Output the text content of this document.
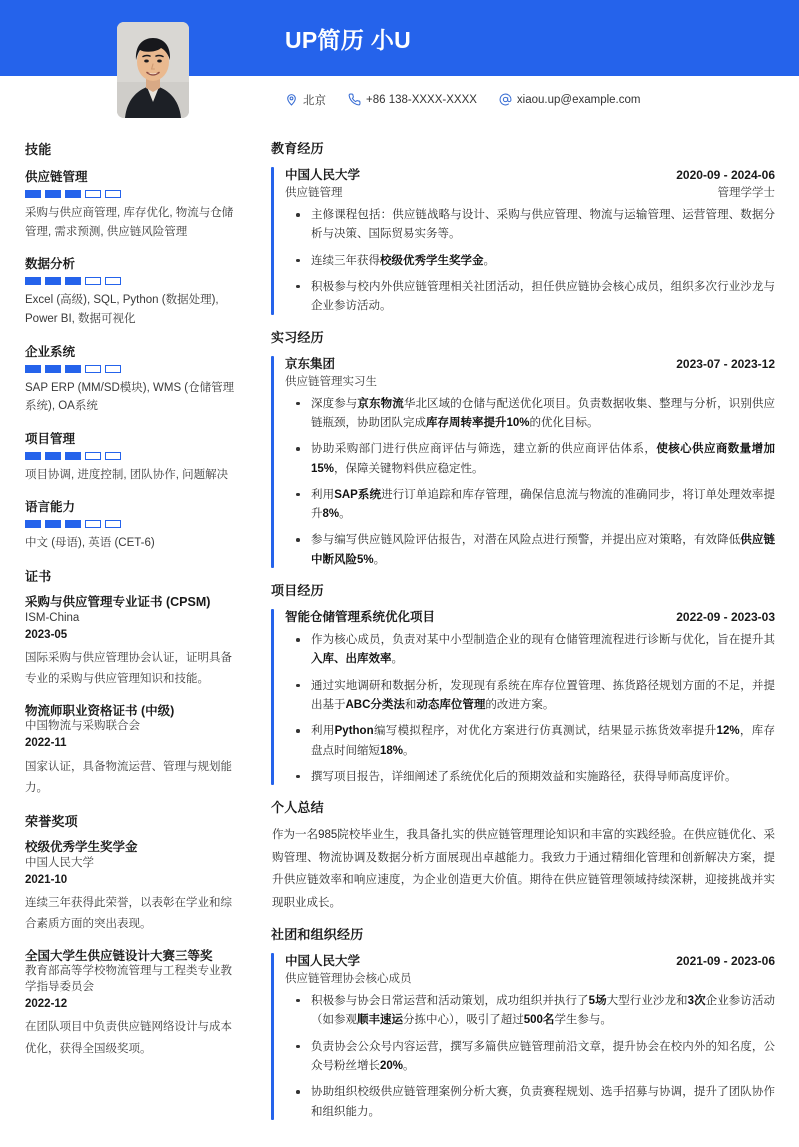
UP简历 小U
北京	+86 138-XXXX-XXXX	xiaou.up@example.com
技能
供应链管理
采购与供应商管理, 库存优化, 物流与仓储管理, 需求预测, 供应链风险管理
数据分析
Excel (高级), SQL, Python (数据处理), Power BI, 数据可视化
企业系统
SAP ERP (MM/SD模块), WMS (仓储管理系统), OA系统
项目管理
项目协调, 进度控制, 团队协作, 问题解决
语言能力
中文 (母语), 英语 (CET-6)
证书
采购与供应管理专业证书 (CPSM)
ISM-China
2023-05
国际采购与供应管理协会认证，证明具备专业的采购与供应管理知识和技能。
物流师职业资格证书 (中级)
中国物流与采购联合会
2022-11
国家认证，具备物流运营、管理与规划能力。
荣誉奖项
校级优秀学生奖学金
中国人民大学
2021-10
连续三年获得此荣誉，以表彰在学业和综合素质方面的突出表现。
全国大学生供应链设计大赛三等奖
教育部高等学校物流管理与工程类专业教学指导委员会
2022-12
在团队项目中负责供应链网络设计与成本优化，获得全国级奖项。
教育经历
中国人民大学	2020-09 - 2024-06
供应链管理	管理学学士
主修课程包括：供应链战略与设计、采购与供应管理、物流与运输管理、运营管理、数据分析与决策、国际贸易实务等。
连续三年获得校级优秀学生奖学金。
积极参与校内外供应链管理相关社团活动，担任供应链协会核心成员，组织多次行业沙龙与企业参访活动。
实习经历
京东集团	2023-07 - 2023-12
供应链管理实习生
深度参与京东物流华北区域的仓储与配送优化项目。负责数据收集、整理与分析，识别供应链瓶颈，协助团队完成库存周转率提升10%的优化目标。
协助采购部门进行供应商评估与筛选，建立新的供应商评估体系，使核心供应商数量增加15%，保障关键物料供应稳定性。
利用SAP系统进行订单追踪和库存管理，确保信息流与物流的准确同步，将订单处理效率提升8%。
参与编写供应链风险评估报告，对潜在风险点进行预警，并提出应对策略，有效降低供应链中断风险5%。
项目经历
智能仓储管理系统优化项目	2022-09 - 2023-03
作为核心成员，负责对某中小型制造企业的现有仓储管理流程进行诊断与优化，旨在提升其入库、出库效率。
通过实地调研和数据分析，发现现有系统在库存位置管理、拣货路径规划方面的不足，并提出基于ABC分类法和动态库位管理的改进方案。
利用Python编写模拟程序，对优化方案进行仿真测试，结果显示拣货效率提升12%，库存盘点时间缩短18%。
撰写项目报告，详细阐述了系统优化后的预期效益和实施路径，获得导师高度评价。
个人总结
作为一名985院校毕业生，我具备扎实的供应链管理理论知识和丰富的实践经验。在供应链优化、采购管理、物流协调及数据分析方面展现出卓越能力。我致力于通过精细化管理和创新解决方案，提升供应链效率和响应速度，为企业创造更大价值。期待在供应链管理领域持续深耕，迎接挑战并实现职业成长。
社团和组织经历
中国人民大学	2021-09 - 2023-06
供应链管理协会核心成员
积极参与协会日常运营和活动策划，成功组织并执行了5场大型行业沙龙和3次企业参访活动（如参观顺丰速运分拣中心），吸引了超过500名学生参与。
负责协会公众号内容运营，撰写多篇供应链管理前沿文章，提升协会在校内外的知名度，公众号粉丝增长20%。
协助组织校级供应链管理案例分析大赛，负责赛程规划、选手招募与协调，提升了团队协作和组织能力。
